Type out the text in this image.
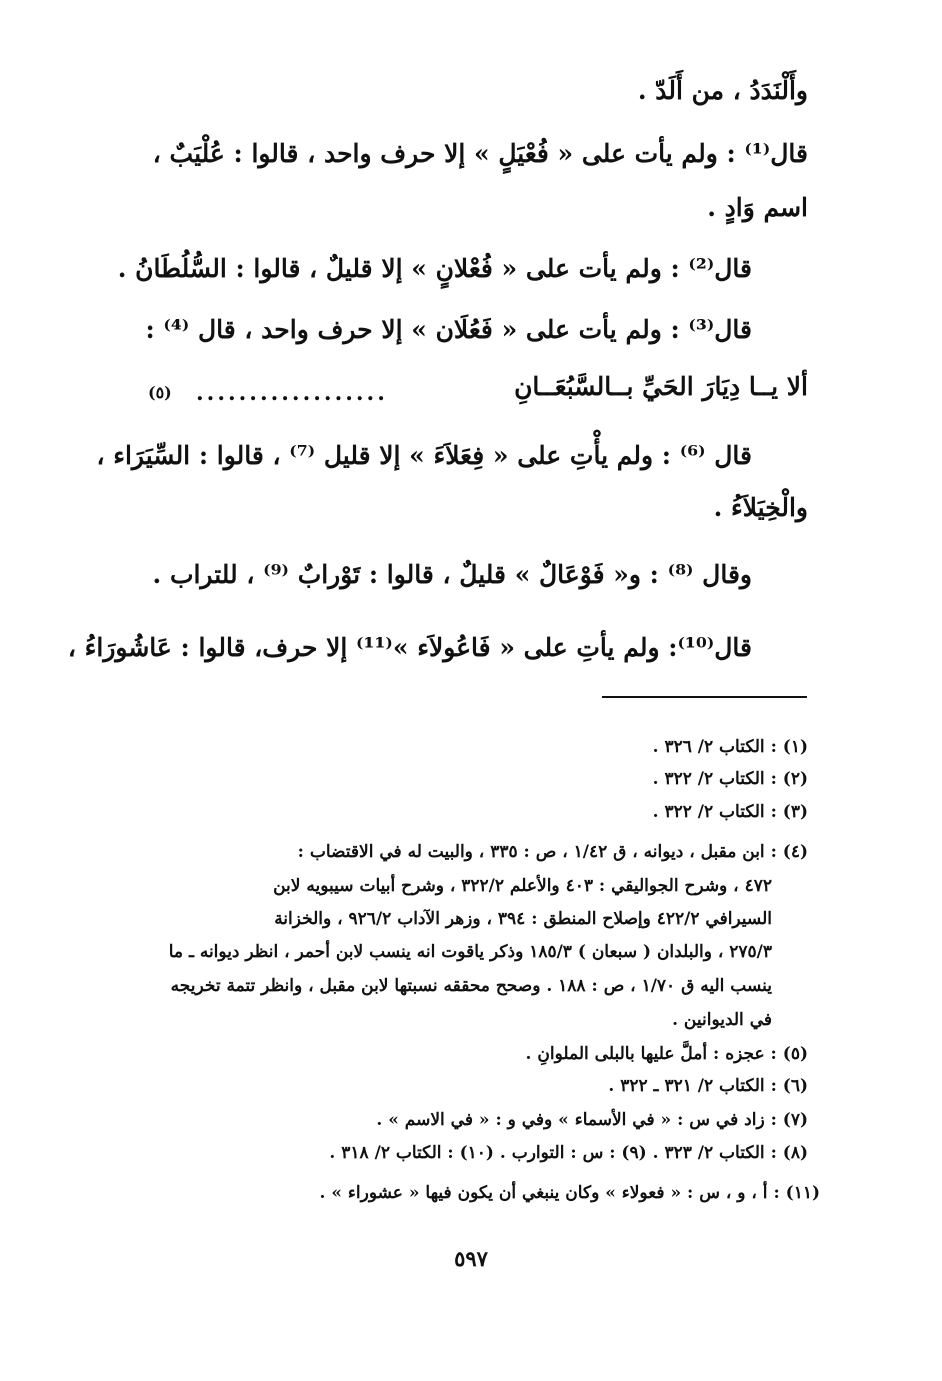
وأَلْنَدَدُ ، من أَلَدّ .
قال⁽¹⁾ : ولم يأت على « فُعْيَلٍ » إلا حرف واحد ، قالوا : عُلْيَبٌ ،
اسم وَادٍ .
قال⁽²⁾ : ولم يأت على « فُعْلانٍ » إلا قليلٌ ، قالوا : السُّلُطَانُ .
قال⁽³⁾ : ولم يأت على « فَعُلَان » إلا حرف واحد ، قال ⁽⁴⁾ :
ألا يــا دِيَارَ الحَيِّ بــالسَّبُعَــانِ
..................
(٥)
قال ⁽⁶⁾ : ولم يأْتِ على « فِعَلاَءَ » إلا قليل ⁽⁷⁾ ، قالوا : السِّيَرَاء ،
والْخِيَلاَءُ .
وقال ⁽⁸⁾ : و« فَوْعَالٌ » قليلٌ ، قالوا : تَوْرابٌ ⁽⁹⁾ ، للتراب .
قال⁽¹⁰⁾: ولم يأتِ على « فَاعُولاَء »⁽¹¹⁾ إلا حرف، قالوا : عَاشُورَاءُ ،
(١) : الكتاب ٢/ ٣٢٦ .
(٢) : الكتاب ٢/ ٣٢٢ .
(٣) : الكتاب ٢/ ٣٢٢ .
(٤) : ابن مقبل ، ديوانه ، ق ١/٤٢ ، ص : ٣٣٥ ، والبيت له في الاقتضاب :
٤٧٢ ، وشرح الجواليقي : ٤٠٣ والأعلم ٣٢٢/٢ ، وشرح أبيات سيبويه لابن
السيرافي ٤٢٢/٢ وإصلاح المنطق : ٣٩٤ ، وزهر الآداب ٩٢٦/٢ ، والخزانة
٢٧٥/٣ ، والبلدان ( سبعان ) ١٨٥/٣ وذكر ياقوت انه ينسب لابن أحمر ، انظر ديوانه ـ ما
ينسب اليه ق ١/٧٠ ، ص : ١٨٨ . وصحح محققه نسبتها لابن مقبل ، وانظر تتمة تخريجه
في الديوانين .
(٥) : عجزه : أملَّ عليها بالبلى الملوانِ .
(٦) : الكتاب ٢/ ٣٢١ ـ ٣٢٢ .
(٧) : زاد في س : « في الأسماء » وفي و : « في الاسم » .
(٨) : الكتاب ٢/ ٣٢٣ . (٩) : س : التوارب . (١٠) : الكتاب ٢/ ٣١٨ .
(١١) : أ ، و ، س : « فعولاء » وكان ينبغي أن يكون فيها « عشوراء » .
٥٩٧
